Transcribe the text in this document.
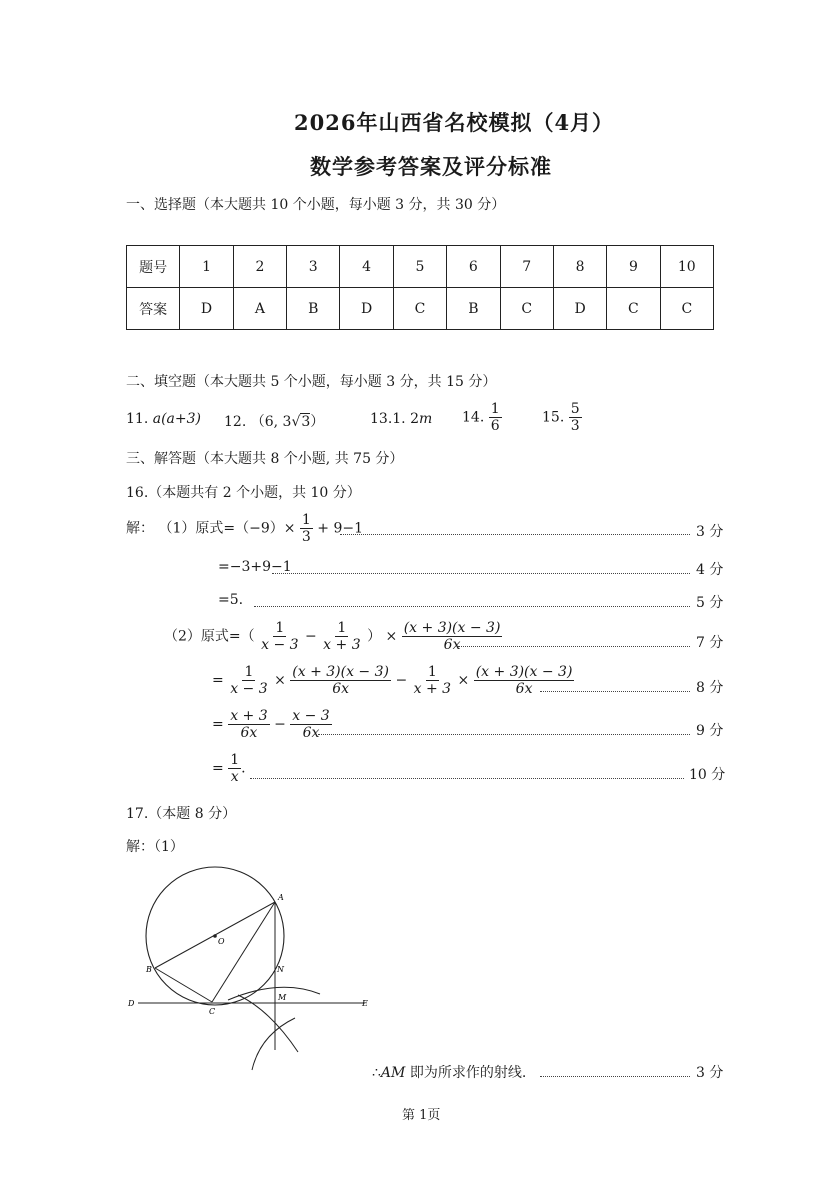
2026年山西省名校模拟（4月）
数学参考答案及评分标准
一、选择题（本大题共 10 个小题，每小题 3 分，共 30 分）
题号	1	2	3	4	5	6	7	8	9	10
答案	D	A	B	D	C	B	C	D	C	C
二、填空题（本大题共 5 个小题，每小题 3 分，共 15 分）
11. a(a+3) 12. （6, 3√3）	13.1. 2m 14. $\frac{1}{6}$	15. $\frac{5}{3}$
三、解答题（本大题共 8 个小题, 共 75 分）
16.（本题共有 2 个小题，共 10 分）
解： （1）原式$=(-9)\times \frac{1}{3} + 9-1$	3 分
=−3+9−1	4 分
=5.	5 分
（2）原式=（ $\frac{1}{x - 3} - \frac{1}{x + 3}$ ） × $\frac{(x + 3)(x - 3)}{6x}$	7 分
= $\frac{1}{x - 3} \times \frac{(x + 3)(x - 3)}{6x} - \frac{1}{x + 3} \times \frac{(x + 3)(x - 3)}{6x}$	8 分
= $\frac{x + 3}{6x} - \frac{x - 3}{6x}$	9 分
= $\frac{1}{x}$ .	10 分
17.（本题 8 分）
解：（1）
A
B
C
D	E
O
N
M
∴AM 即为所求作的射线.	3 分
第 1页
